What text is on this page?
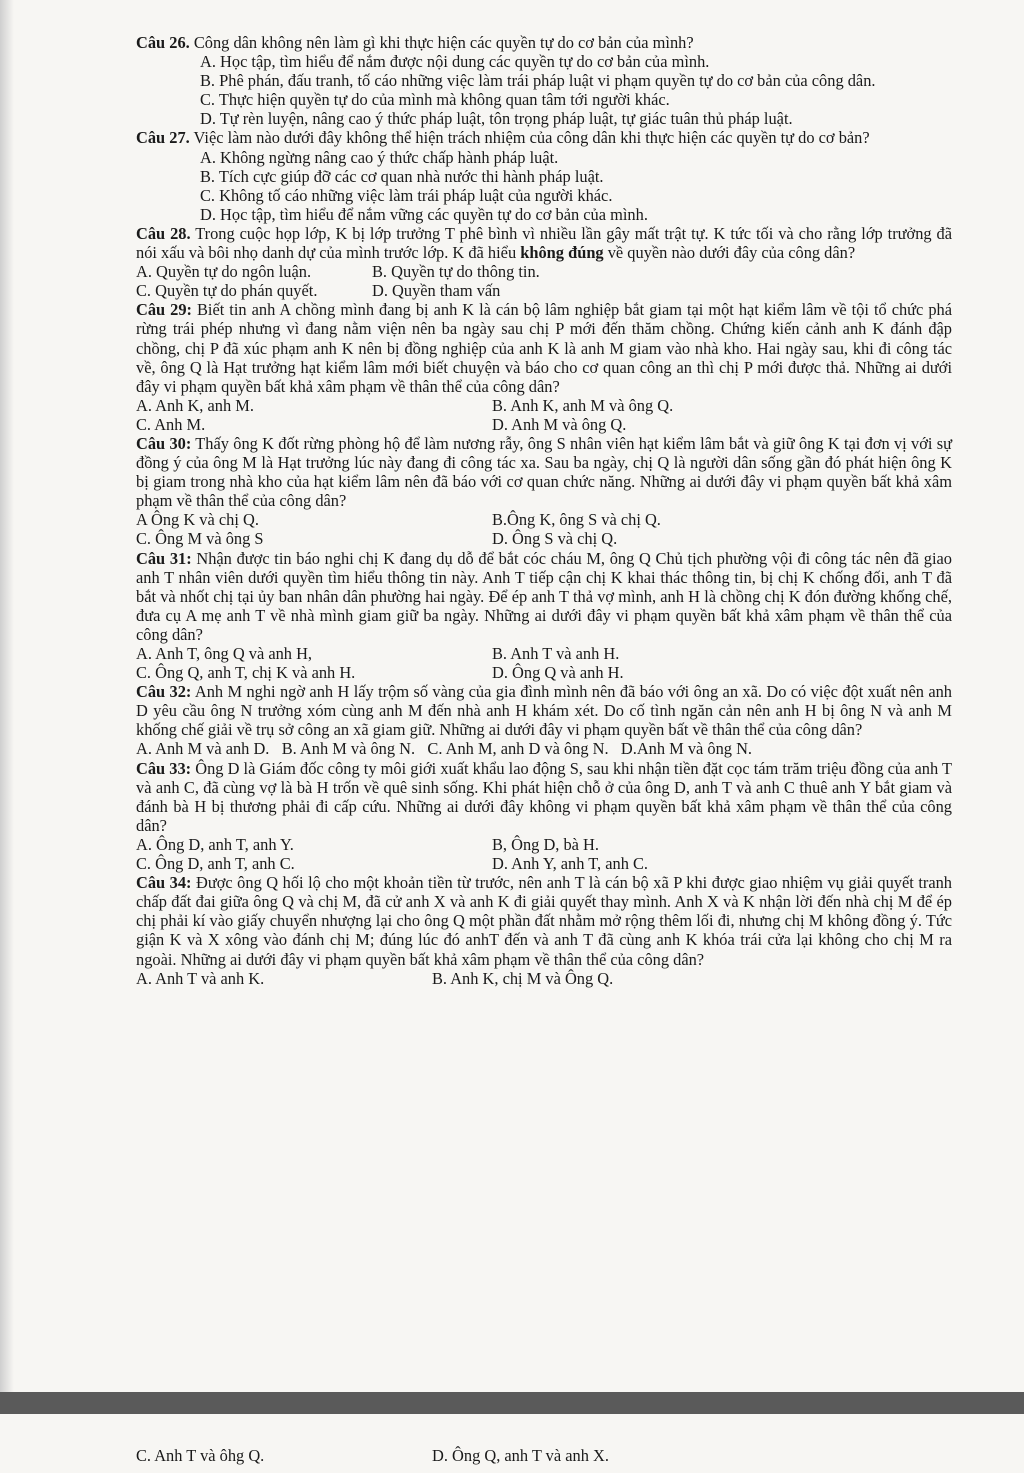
Câu 26. Công dân không nên làm gì khi thực hiện các quyền tự do cơ bản của mình?

A. Học tập, tìm hiểu để nắm được nội dung các quyền tự do cơ bản của mình.

B. Phê phán, đấu tranh, tố cáo những việc làm trái pháp luật vi phạm quyền tự do cơ bản của công dân.

C. Thực hiện quyền tự do của mình mà không quan tâm tới người khác.

D. Tự rèn luyện, nâng cao ý thức pháp luật, tôn trọng pháp luật, tự giác tuân thủ pháp luật.

Câu 27. Việc làm nào dưới đây không thể hiện trách nhiệm của công dân khi thực hiện các quyền tự do cơ bản?

A. Không ngừng nâng cao ý thức chấp hành pháp luật.

B. Tích cực giúp đỡ các cơ quan nhà nước thi hành pháp luật.

C. Không tố cáo những việc làm trái pháp luật của người khác.

D. Học tập, tìm hiểu để nắm vững các quyền tự do cơ bản của mình.

Câu 28. Trong cuộc họp lớp, K bị lớp trưởng T phê bình vì nhiều lần gây mất trật tự. K tức tối và cho rằng lớp trưởng đã nói xấu và bôi nhọ danh dự của mình trước lớp. K đã hiểu không đúng về quyền nào dưới đây của công dân?

A. Quyền tự do ngôn luận.	B. Quyền tự do thông tin.
C. Quyền tự do phán quyết.	D. Quyền tham vấn

Câu 29: Biết tin anh A chồng mình đang bị anh K là cán bộ lâm nghiệp bắt giam tại một hạt kiểm lâm về tội tổ chức phá rừng trái phép nhưng vì đang nằm viện nên ba ngày sau chị P mới đến thăm chồng. Chứng kiến cảnh anh K đánh đập chồng, chị P đã xúc phạm anh K nên bị đồng nghiệp của anh K là anh M giam vào nhà kho. Hai ngày sau, khi đi công tác về, ông Q là Hạt trưởng hạt kiểm lâm mới biết chuyện và báo cho cơ quan công an thì chị P mới được thả. Những ai dưới đây vi phạm quyền bất khả xâm phạm về thân thể của công dân?

A. Anh K, anh M.	B. Anh K, anh M và ông Q.
C. Anh M.	D. Anh M và ông Q.

Câu 30: Thấy ông K đốt rừng phòng hộ để làm nương rẫy, ông S nhân viên hạt kiểm lâm bắt và giữ ông K tại đơn vị với sự đồng ý của ông M là Hạt trưởng lúc này đang đi công tác xa. Sau ba ngày, chị Q là người dân sống gần đó phát hiện ông K bị giam trong nhà kho của hạt kiểm lâm nên đã báo với cơ quan chức năng. Những ai dưới đây vi phạm quyền bất khả xâm phạm về thân thể của công dân?

A Ông K và chị Q.	B.Ông K, ông S và chị Q.
C. Ông M và ông S	D. Ông S và chị Q.

Câu 31: Nhận được tin báo nghi chị K đang dụ dỗ để bắt cóc cháu M, ông Q Chủ tịch phường vội đi công tác nên đã giao anh T nhân viên dưới quyền tìm hiểu thông tin này. Anh T tiếp cận chị K khai thác thông tin, bị chị K chống đối, anh T đã bắt và nhốt chị tại ủy ban nhân dân phường hai ngày. Để ép anh T thả vợ mình, anh H là chồng chị K đón đường khống chế, đưa cụ A mẹ anh T về nhà mình giam giữ ba ngày. Những ai dưới đây vi phạm quyền bất khả xâm phạm về thân thể của công dân?

A. Anh T, ông Q và anh H,	B. Anh T và anh H.
C. Ông Q, anh T, chị K và anh H.	D. Ông Q và anh H.

Câu 32: Anh M nghi ngờ anh H lấy trộm số vàng của gia đình mình nên đã báo với ông an xã. Do có việc đột xuất nên anh D yêu cầu ông N trưởng xóm cùng anh M đến nhà anh H khám xét. Do cố tình ngăn cản nên anh H bị ông N và anh M khống chế giải về trụ sở công an xã giam giữ. Những ai dưới đây vi phạm quyền bất về thân thể của công dân?

A. Anh M và anh D. B. Anh M và ông N. C. Anh M, anh D và ông N. D.Anh M và ông N.

Câu 33: Ông D là Giám đốc công ty môi giới xuất khẩu lao động S, sau khi nhận tiền đặt cọc tám trăm triệu đồng của anh T và anh C, đã cùng vợ là bà H trốn về quê sinh sống. Khi phát hiện chỗ ở của ông D, anh T và anh C thuê anh Y bắt giam và đánh bà H bị thương phải đi cấp cứu. Những ai dưới đây không vi phạm quyền bất khả xâm phạm về thân thể của công dân?

A. Ông D, anh T, anh Y.	B, Ông D, bà H.
C. Ông D, anh T, anh C.	D. Anh Y, anh T, anh C.

Câu 34: Được ông Q hối lộ cho một khoản tiền từ trước, nên anh T là cán bộ xã P khi được giao nhiệm vụ giải quyết tranh chấp đất đai giữa ông Q và chị M, đã cử anh X và anh K đi giải quyết thay mình. Anh X và K nhận lời đến nhà chị M để ép chị phải kí vào giấy chuyển nhượng lại cho ông Q một phần đất nhằm mở rộng thêm lối đi, nhưng chị M không đồng ý. Tức giận K và X xông vào đánh chị M; đúng lúc đó anhT đến và anh T đã cùng anh K khóa trái cửa lại không cho chị M ra ngoài. Những ai dưới đây vi phạm quyền bất khả xâm phạm về thân thể của công dân?

A. Anh T và anh K.	B. Anh K, chị M và Ông Q.
C. Anh T và ôhg Q.	D. Ông Q, anh T và anh X.
